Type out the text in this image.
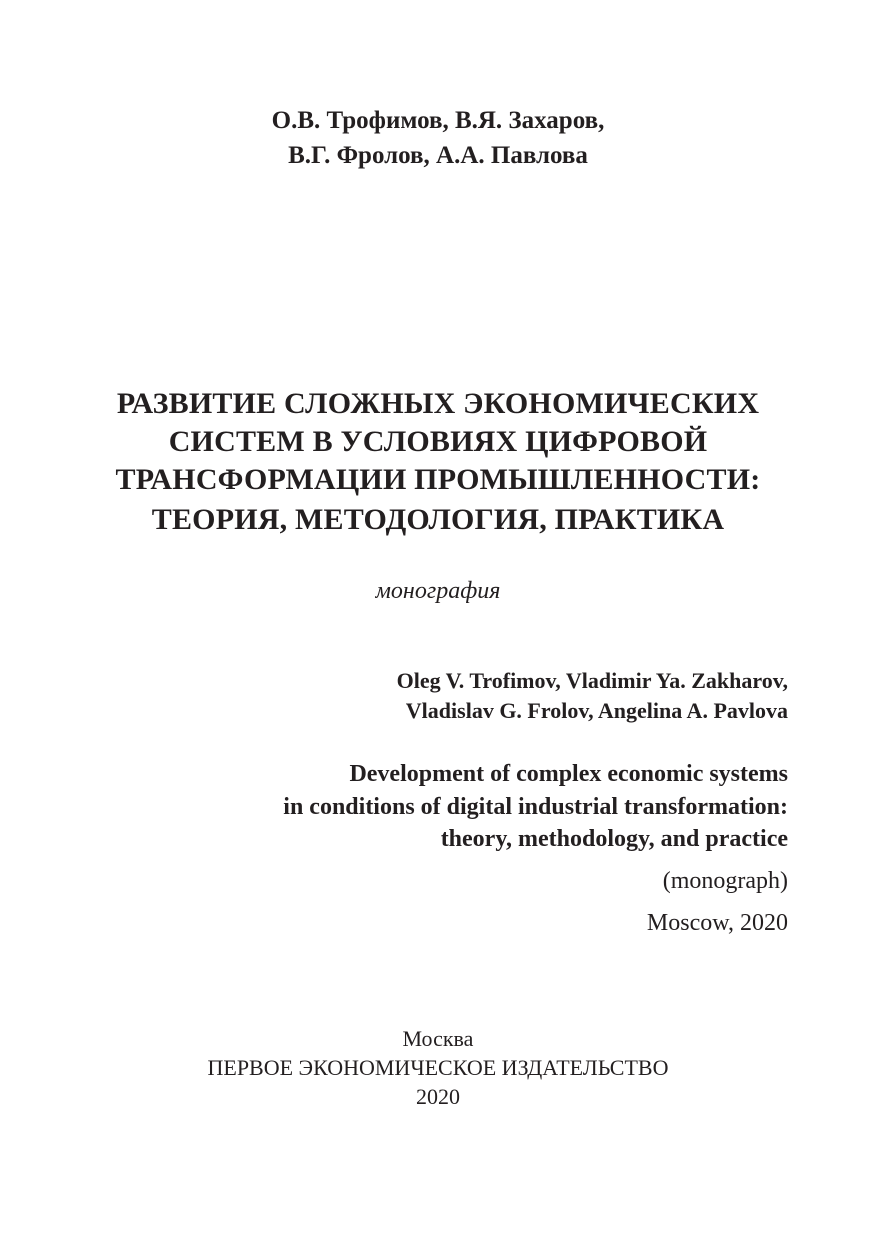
О.В. Трофимов, В.Я. Захаров,
В.Г. Фролов, А.А. Павлова
РАЗВИТИЕ СЛОЖНЫХ ЭКОНОМИЧЕСКИХ
СИСТЕМ В УСЛОВИЯХ ЦИФРОВОЙ
ТРАНСФОРМАЦИИ ПРОМЫШЛЕННОСТИ:
ТЕОРИЯ, МЕТОДОЛОГИЯ, ПРАКТИКА
монография
Oleg V. Trofimov, Vladimir Ya. Zakharov,
Vladislav G. Frolov, Angelina A. Pavlova
Development of complex economic systems
in conditions of digital industrial transformation:
theory, methodology, and practice
(monograph)
Moscow, 2020
Москва
ПЕРВОЕ ЭКОНОМИЧЕСКОЕ ИЗДАТЕЛЬСТВО
2020
